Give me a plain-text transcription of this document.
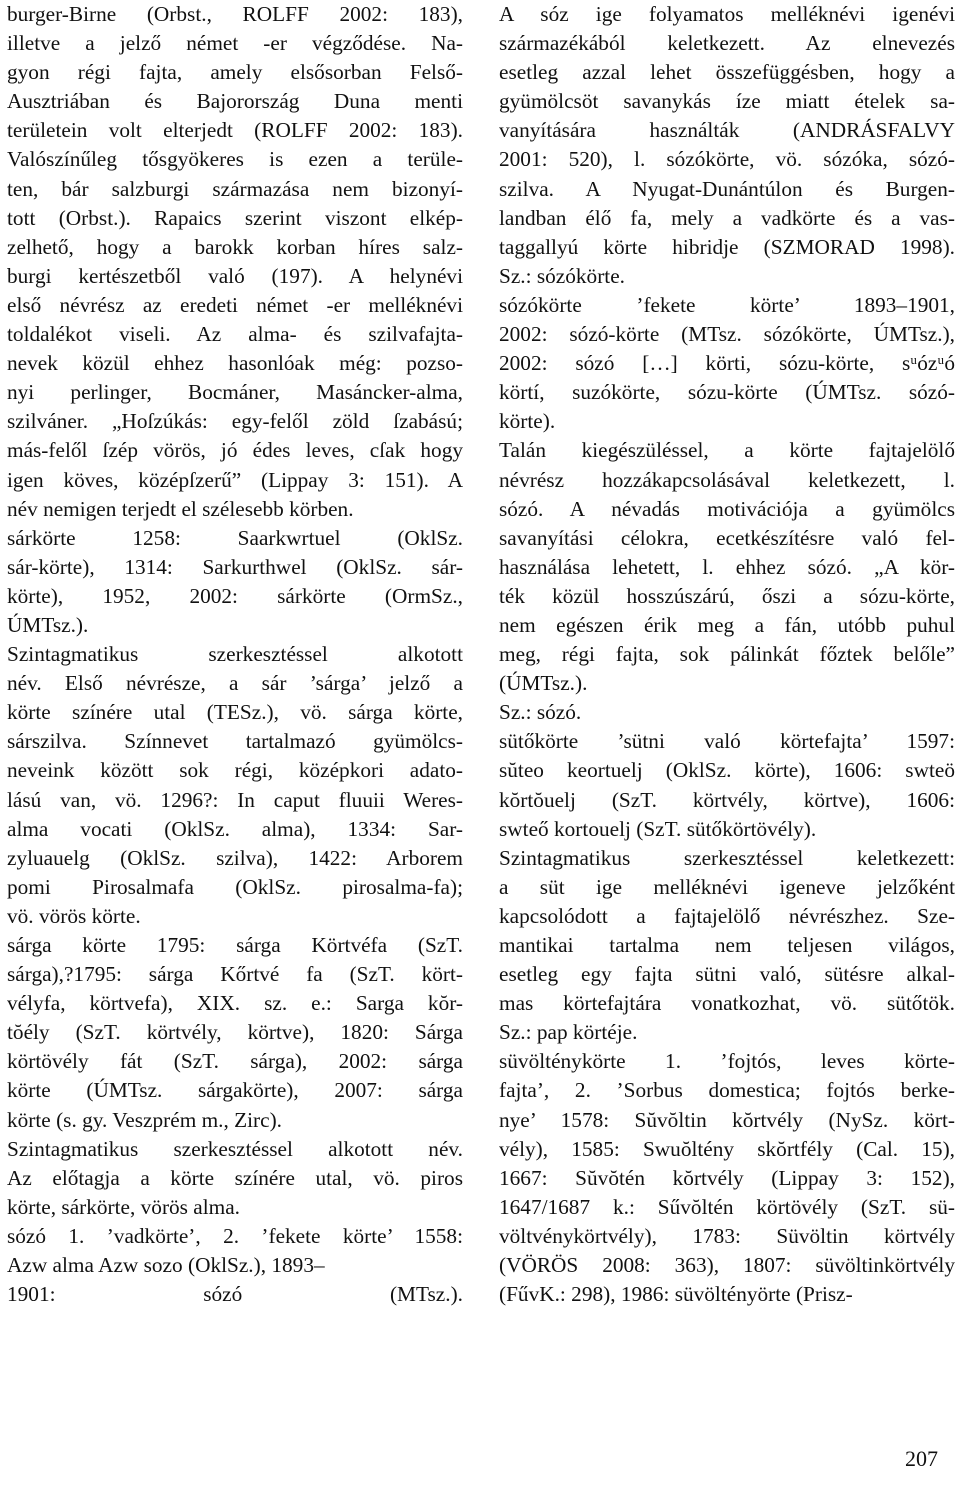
burger-Birne (Orbst., ROLFF 2002: 183),
illetve a jelző német -er végződése. Na-
gyon régi fajta, amely elsősorban Felső-
Ausztriában és Bajorország Duna menti
területein volt elterjedt (ROLFF 2002: 183).
Valószínűleg tősgyökeres is ezen a terüle-
ten, bár salzburgi származása nem bizonyí-
tott (Orbst.). Rapaics szerint viszont elkép-
zelhető, hogy a barokk korban híres salz-
burgi kertészetből való (197). A helynévi
első névrész az eredeti német -er melléknévi
toldalékot viseli. Az alma- és szilvafajta-
nevek közül ehhez hasonlóak még: pozso-
nyi perlinger, Bocmáner, Masáncker-alma,
szilváner. „Hoſzúkás: egy-felől zöld ſzabású;
más-felől ſzép vörös, jó édes leves, cſak hogy
igen köves, középſzerű” (Lippay 3: 151). A
név nemigen terjedt el szélesebb körben.
sárkörte 1258: Saarkwrtuel (OklSz.
sár-körte), 1314: Sarkurthwel (OklSz. sár-
körte), 1952, 2002: sárkörte (OrmSz.,
ÚMTsz.).
Szintagmatikus szerkesztéssel alkotott
név. Első névrésze, a sár ’sárga’ jelző a
körte színére utal (TESz.), vö. sárga körte,
sárszilva. Színnevet tartalmazó gyümölcs-
neveink között sok régi, középkori adato-
lású van, vö. 1296?: In caput fluuii Weres-
alma vocati (OklSz. alma), 1334: Sar-
zyluauelg (OklSz. szilva), 1422: Arborem
pomi Pirosalmafa (OklSz. pirosalma-fa);
vö. vörös körte.
sárga körte 1795: sárga Körtvéfa (SzT.
sárga),?1795: sárga Kőrtvé fa (SzT. kört-
vélyfa, körtvefa), XIX. sz. e.: Sarga kŏr-
tŏély (SzT. körtvély, körtve), 1820: Sárga
körtövély fát (SzT. sárga), 2002: sárga
körte (ÚMTsz. sárgakörte), 2007: sárga
körte (s. gy. Veszprém m., Zirc).
Szintagmatikus szerkesztéssel alkotott név.
Az előtagja a körte színére utal, vö. piros
körte, sárkörte, vörös alma.
sózó 1. ’vadkörte’, 2. ’fekete körte’ 1558:
Azw alma Azw sozo (OklSz.), 1893–
1901: sózó (MTsz.).
A sóz ige folyamatos melléknévi igenévi
származékából keletkezett. Az elnevezés
esetleg azzal lehet összefüggésben, hogy a
gyümölcsöt savanykás íze miatt ételek sa-
vanyítására használták (ANDRÁSFALVY
2001: 520), l. sózókörte, vö. sózóka, sózó-
szilva. A Nyugat-Dunántúlon és Burgen-
landban élő fa, mely a vadkörte és a vas-
taggallyú körte hibridje (SZMORAD 1998).
Sz.: sózókörte.
sózókörte ’fekete körte’ 1893–1901,
2002: sózó-körte (MTsz. sózókörte, ÚMTsz.),
2002: sózó […] körti, sózu-körte, sᵘózᵘó
körtí, suzókörte, sózu-körte (ÚMTsz. sózó-
körte).
Talán kiegészüléssel, a körte fajtajelölő
névrész hozzákapcsolásával keletkezett, l.
sózó. A névadás motivációja a gyümölcs
savanyítási célokra, ecetkészítésre való fel-
használása lehetett, l. ehhez sózó. „A kör-
ték közül hosszúszárú, őszi a sózu-körte,
nem egészen érik meg a fán, utóbb puhul
meg, régi fajta, sok pálinkát főztek belőle”
(ÚMTsz.).
Sz.: sózó.
sütőkörte ’sütni való körtefajta’ 1597:
sŭteo keortuelj (OklSz. körte), 1606: swteö
kŏrtŏuelj (SzT. körtvély, körtve), 1606:
swteő kortouelj (SzT. sütőkörtövély).
Szintagmatikus szerkesztéssel keletkezett:
a süt ige melléknévi igeneve jelzőként
kapcsolódott a fajtajelölő névrészhez. Sze-
mantikai tartalma nem teljesen világos,
esetleg egy fajta sütni való, sütésre alkal-
mas körtefajtára vonatkozhat, vö. sütőtök.
Sz.: pap körtéje.
süvölténykörte 1. ’fojtós, leves körte-
fajta’, 2. ’Sorbus domestica; fojtós berke-
nye’ 1578: Sŭvŏltin kŏrtvély (NySz. kört-
vély), 1585: Swuŏltény skŏrtfély (Cal. 15),
1667: Sŭvŏtén kŏrtvély (Lippay 3: 152),
1647/1687 k.: Sűvŏltén körtövély (SzT. sü-
völtvénykörtvély), 1783: Süvöltin körtvély
(VÖRÖS 2008: 363), 1807: süvöltinkörtvély
(FűvK.: 298), 1986: süvöltényörte (Prisz-
207
